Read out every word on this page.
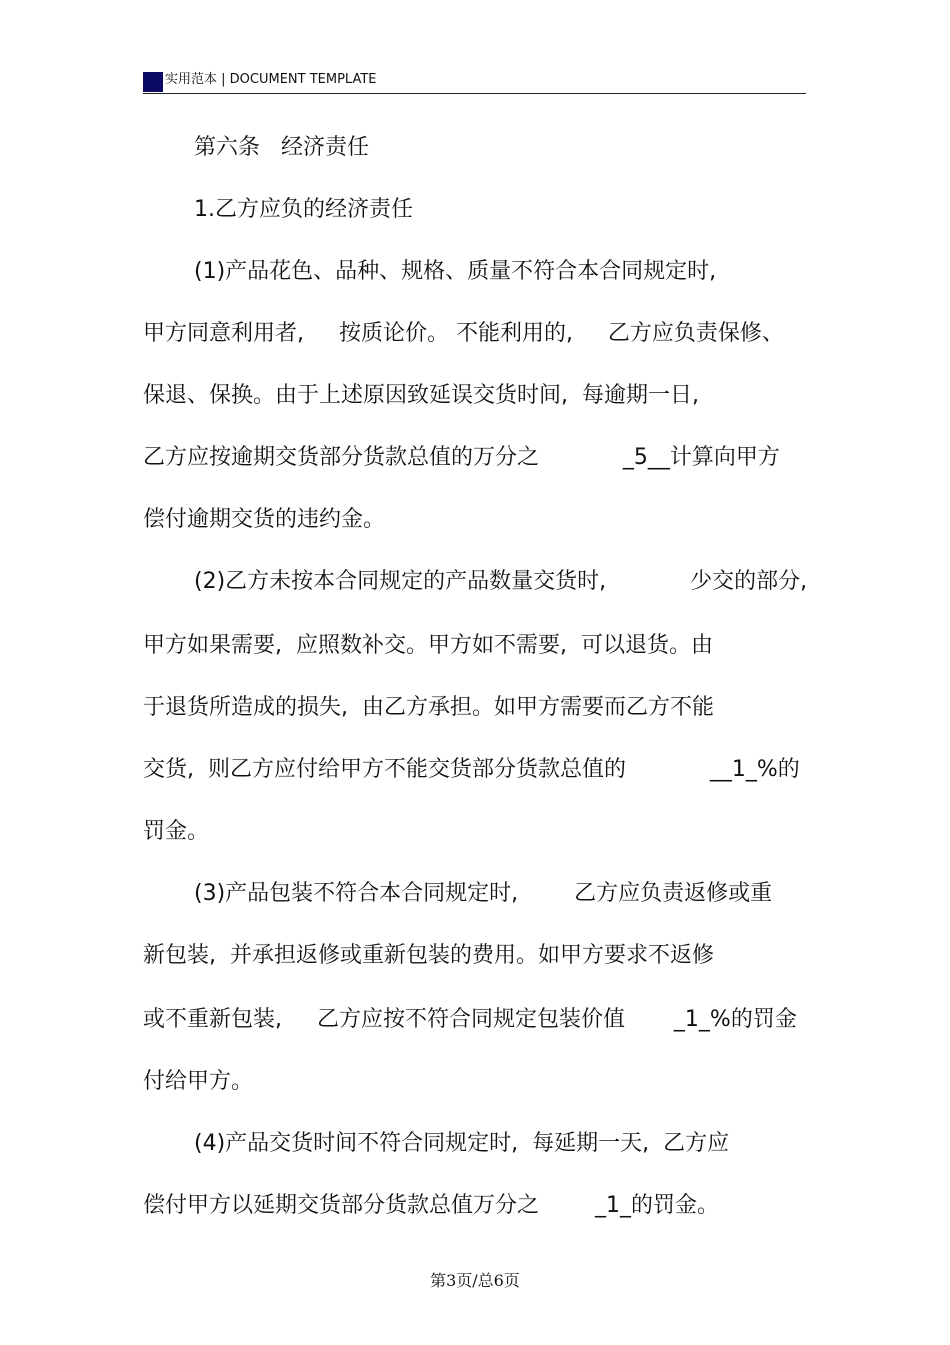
实用范本 | DOCUMENT TEMPLATE
第六条   经济责任
1.乙方应负的经济责任
(1)产品花色、品种、规格、质量不符合本合同规定时,
甲方同意利用者,     按质论价。 不能利用的,     乙方应负责保修、
保退、保换。由于上述原因致延误交货时间,  每逾期一日,
乙方应按逾期交货部分货款总值的万分之            _5__计算向甲方
偿付逾期交货的违约金。
(2)乙方未按本合同规定的产品数量交货时,            少交的部分,
甲方如果需要,  应照数补交。甲方如不需要,  可以退货。由
于退货所造成的损失,  由乙方承担。如甲方需要而乙方不能
交货,  则乙方应付给甲方不能交货部分货款总值的            __1_%的
罚金。
(3)产品包装不符合本合同规定时,        乙方应负责返修或重
新包装,  并承担返修或重新包装的费用。如甲方要求不返修
或不重新包装,     乙方应按不符合同规定包装价值       _1_%的罚金
付给甲方。
(4)产品交货时间不符合同规定时,  每延期一天,  乙方应
偿付甲方以延期交货部分货款总值万分之        _1_的罚金。
第3页/总6页
